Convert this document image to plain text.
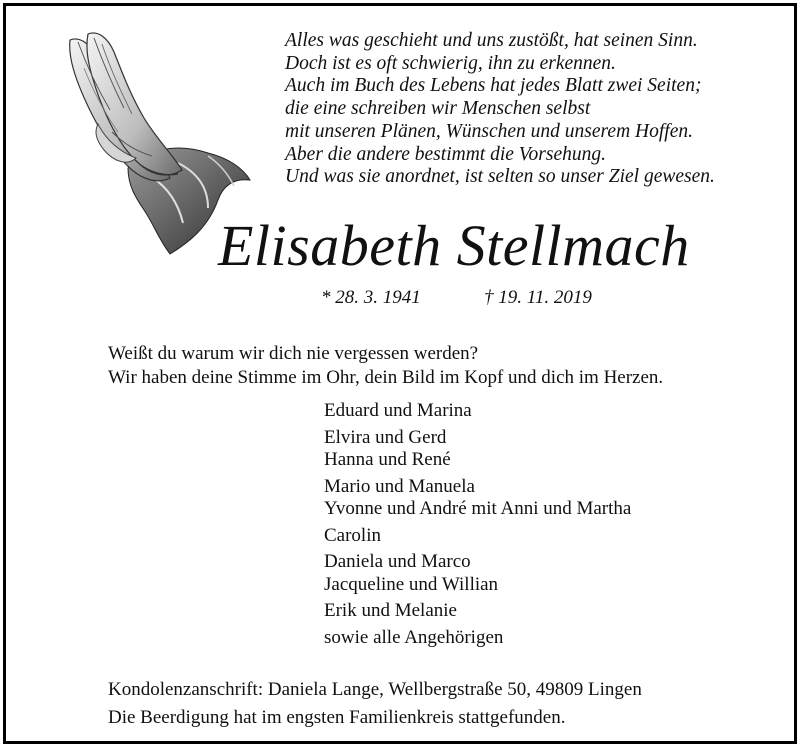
Alles was geschieht und uns zustößt, hat seinen Sinn.
Doch ist es oft schwierig, ihn zu erkennen.
Auch im Buch des Lebens hat jedes Blatt zwei Seiten;
die eine schreiben wir Menschen selbst
mit unseren Plänen, Wünschen und unserem Hoffen.
Aber die andere bestimmt die Vorsehung.
Und was sie anordnet, ist selten so unser Ziel gewesen.
Elisabeth Stellmach
* 28. 3. 1941	† 19. 11. 2019
Weißt du warum wir dich nie vergessen werden?
Wir haben deine Stimme im Ohr, dein Bild im Kopf und dich im Herzen.
Eduard und Marina
Elvira und Gerd
Hanna und René
Mario und Manuela
Yvonne und André mit Anni und Martha
Carolin
Daniela und Marco
Jacqueline und Willian
Erik und Melanie
sowie alle Angehörigen
Kondolenzanschrift: Daniela Lange, Wellbergstraße 50, 49809 Lingen
Die Beerdigung hat im engsten Familienkreis stattgefunden.
